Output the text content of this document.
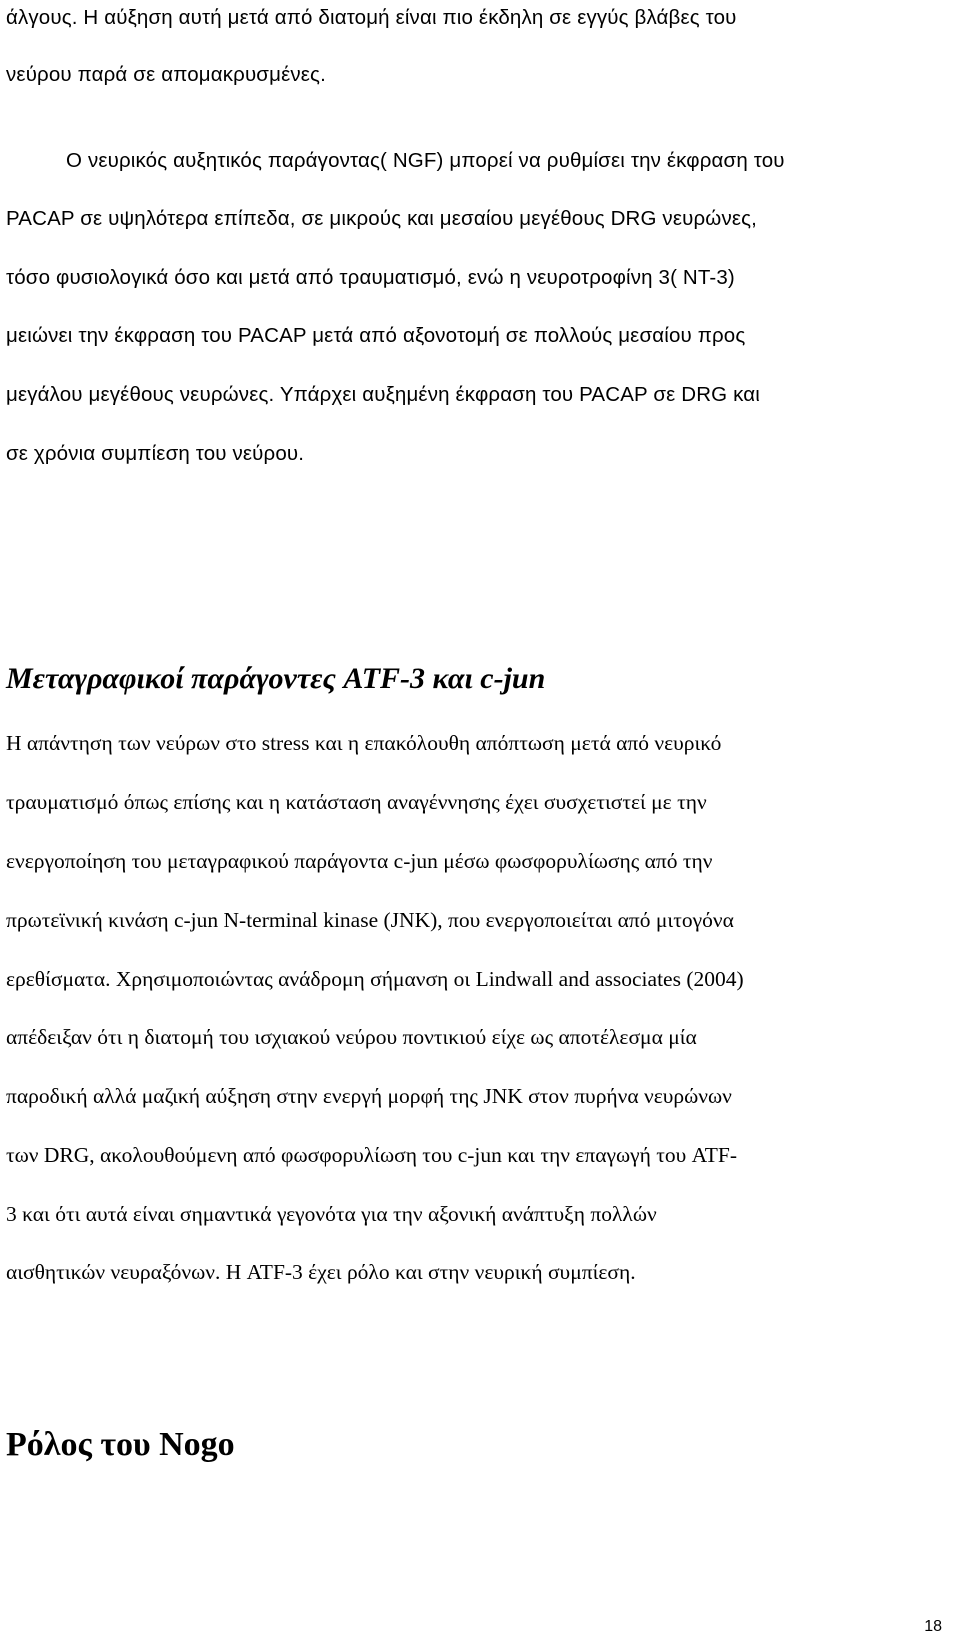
άλγους. Η αύξηση αυτή μετά από διατομή είναι πιο έκδηλη σε εγγύς βλάβες του
νεύρου παρά σε απομακρυσμένες.
Ο νευρικός αυξητικός παράγοντας( NGF) μπορεί να ρυθμίσει την έκφραση του
PACAP σε υψηλότερα επίπεδα, σε μικρούς και μεσαίου μεγέθους DRG νευρώνες,
τόσο φυσιολογικά όσο και μετά από τραυματισμό, ενώ η νευροτροφίνη 3( NT-3)
μειώνει την έκφραση του PACAP μετά από αξονοτομή σε πολλούς μεσαίου προς
μεγάλου μεγέθους νευρώνες. Υπάρχει αυξημένη έκφραση του PACAP σε DRG και
σε χρόνια συμπίεση του νεύρου.
Μεταγραφικοί παράγοντες ATF-3 και c-jun
Η απάντηση των νεύρων στο stress και η επακόλουθη απόπτωση μετά από νευρικό
τραυματισμό όπως επίσης και η κατάσταση αναγέννησης έχει συσχετιστεί με την
ενεργοποίηση του μεταγραφικού παράγοντα c-jun μέσω φωσφορυλίωσης από την
πρωτεϊνική κινάση c-jun N-terminal kinase (JNK), που ενεργοποιείται από μιτογόνα
ερεθίσματα. Χρησιμοποιώντας ανάδρομη σήμανση οι Lindwall and associates (2004)
απέδειξαν ότι η διατομή του ισχιακού νεύρου ποντικιού είχε ως αποτέλεσμα μία
παροδική αλλά μαζική αύξηση στην ενεργή μορφή της JNK στον πυρήνα νευρώνων
των DRG, ακολουθούμενη από φωσφορυλίωση του c-jun και την επαγωγή του ATF-
3 και ότι αυτά είναι σημαντικά γεγονότα για την αξονική ανάπτυξη πολλών
αισθητικών νευραξόνων. Η ATF-3 έχει ρόλο και στην νευρική συμπίεση.
Ρόλος του Nogo
18
